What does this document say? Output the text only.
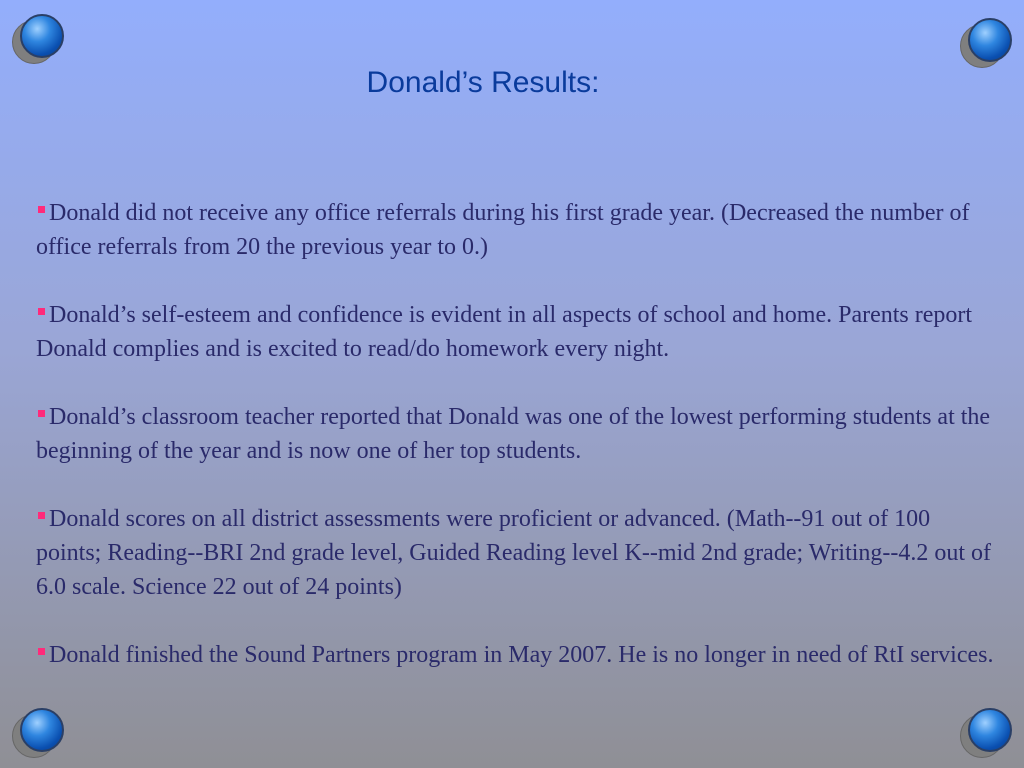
Donald’s Results:

Donald did not receive any office referrals during his first grade year. (Decreased the number of office referrals from 20 the previous year to 0.)

Donald’s self-esteem and confidence is evident in all aspects of school and home. Parents report Donald complies and is excited to read/do homework every night.

Donald’s classroom teacher reported that Donald was one of the lowest performing students at the beginning of the year and is now one of her top students.

Donald scores on all district assessments were proficient or advanced. (Math--91 out of 100 points; Reading--BRI 2nd grade level, Guided Reading level K--mid 2nd grade; Writing--4.2 out of 6.0 scale. Science 22 out of 24 points)

Donald finished the Sound Partners program in May 2007. He is no longer in need of RtI services.
